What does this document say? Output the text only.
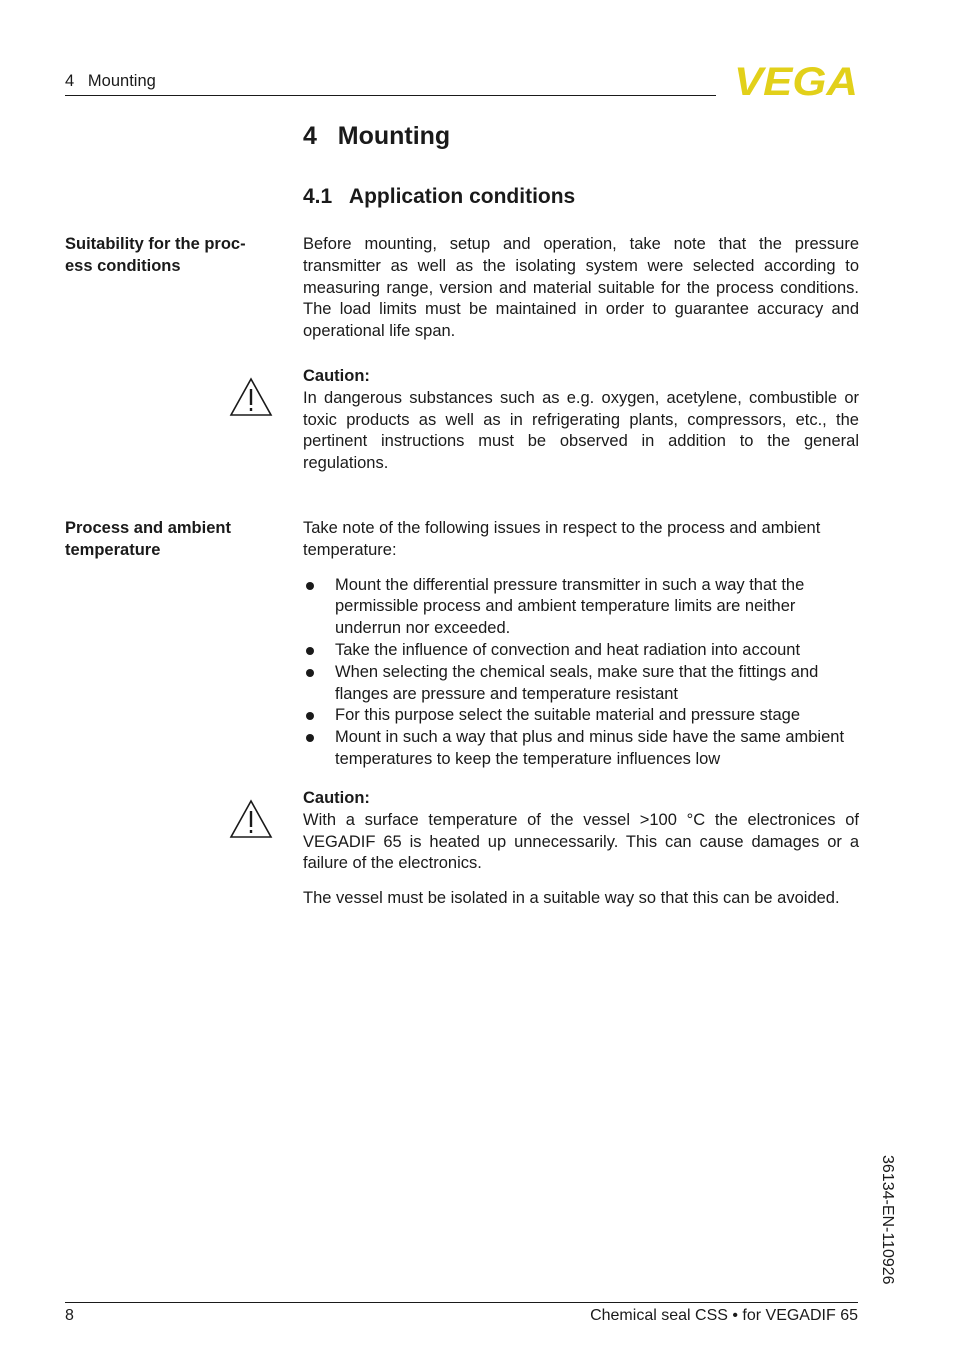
4   Mounting	VEGA
4   Mounting
4.1   Application conditions
Suitability for the proc-
ess conditions

Before mounting, setup and operation, take note that the pressure transmitter as well as the isolating system were selected according to measuring range, version and material suitable for the process conditions. The load limits must be maintained in order to guarantee accuracy and operational life span.

Caution:

In dangerous substances such as e.g. oxygen, acetylene, combustible or toxic products as well as in refrigerating plants, compressors, etc., the pertinent instructions must be observed in addition to the general regulations.

Process and ambient
temperature

Take note of the following issues in respect to the process and ambient temperature:

Mount the differential pressure transmitter in such a way that the permissible process and ambient temperature limits are neither underrun nor exceeded.
Take the influence of convection and heat radiation into account
When selecting the chemical seals, make sure that the fittings and flanges are pressure and temperature resistant
For this purpose select the suitable material and pressure stage
Mount in such a way that plus and minus side have the same ambient temperatures to keep the temperature influences low

Caution:

With a surface temperature of the vessel >100 °C the electronices of VEGADIF 65 is heated up unnecessarily. This can cause damages or a failure of the electronics.

The vessel must be isolated in a suitable way so that this can be avoided.

36134-EN-110926
8	Chemical seal CSS • for VEGADIF 65
